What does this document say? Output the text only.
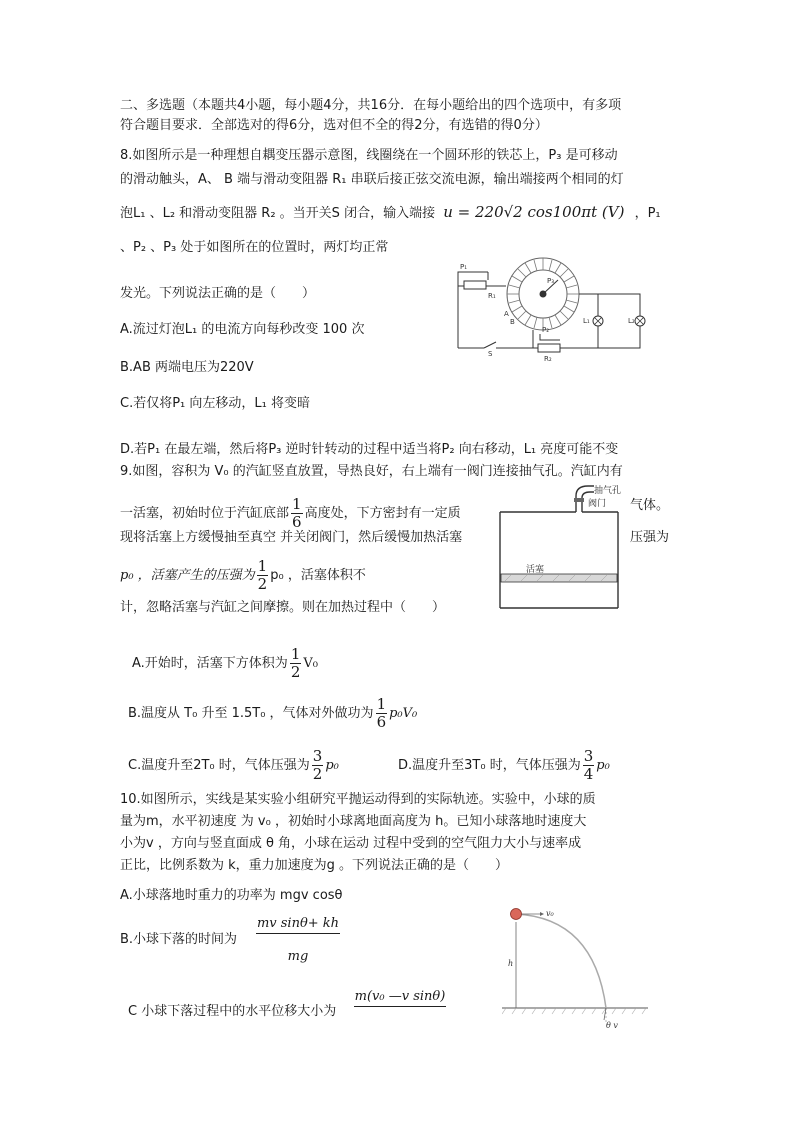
二、多选题（本题共4小题，每小题4分，共16分．在每小题给出的四个选项中，有多项
符合题目要求．全部选对的得6分，选对但不全的得2分，有选错的得0分）
8.如图所示是一种理想自耦变压器示意图，线圈绕在一个圆环形的铁芯上，P₃ 是可移动
的滑动触头，A、 B 端与滑动变阻器 R₁ 串联后接正弦交流电源，输出端接两个相同的灯
泡L₁ 、L₂ 和滑动变阻器 R₂ 。当开关S 闭合，输入端接 u = 220√2 cos100πt (V) ，P₁
、P₂ 、P₃ 处于如图所在的位置时，两灯均正常
发光。下列说法正确的是（　　）
A.流过灯泡L₁ 的电流方向每秒改变 100 次
B.AB 两端电压为220V
C.若仅将P₁ 向左移动，L₁ 将变暗
D.若P₁ 在最左端，然后将P₃ 逆时针转动的过程中适当将P₂ 向右移动，L₁ 亮度可能不变
P₁
R₁
P₃
A
B
P₂
R₂
S
L₁	L₂
9.如图，容积为 V₀ 的汽缸竖直放置，导热良好，右上端有一阀门连接抽气孔。汽缸内有
一活塞，初始时位于汽缸底部 $\frac{1}{6}$ 高度处，下方密封有一定质
气体。
现将活塞上方缓慢抽至真空 并关闭阀门，然后缓慢加热活塞	压强为
p₀ ，活塞产生的压强为 $\frac{1}{2} p_0$ ，活塞体积不
计，忽略活塞与汽缸之间摩擦。则在加热过程中（　　）
A.开始时，活塞下方体积为 $\frac{1}{2} V_0$
B.温度从 T₀ 升至 1.5T₀ ，气体对外做功为 $\frac{1}{6} p_0V_0$
C.温度升至2T₀ 时，气体压强为 $\frac{3}{2} p_0$	D.温度升至3T₀ 时，气体压强为 $\frac{3}{4} p_0$
抽气孔
阀门
活塞
10.如图所示，实线是某实验小组研究平抛运动得到的实际轨迹。实验中，小球的质
量为m，水平初速度 为 v₀ ，初始时小球离地面高度为 h。已知小球落地时速度大
小为v ，方向与竖直面成 θ 角，小球在运动 过程中受到的空气阻力大小与速率成
正比，比例系数为 k，重力加速度为g 。下列说法正确的是（　　）
A.小球落地时重力的功率为 mgv cosθ
B.小球下落的时间为
mv sinθ+ kh
mg
C 小球下落过程中的水平位移大小为
m(v₀ —v sinθ)
v₀
h
θ v
